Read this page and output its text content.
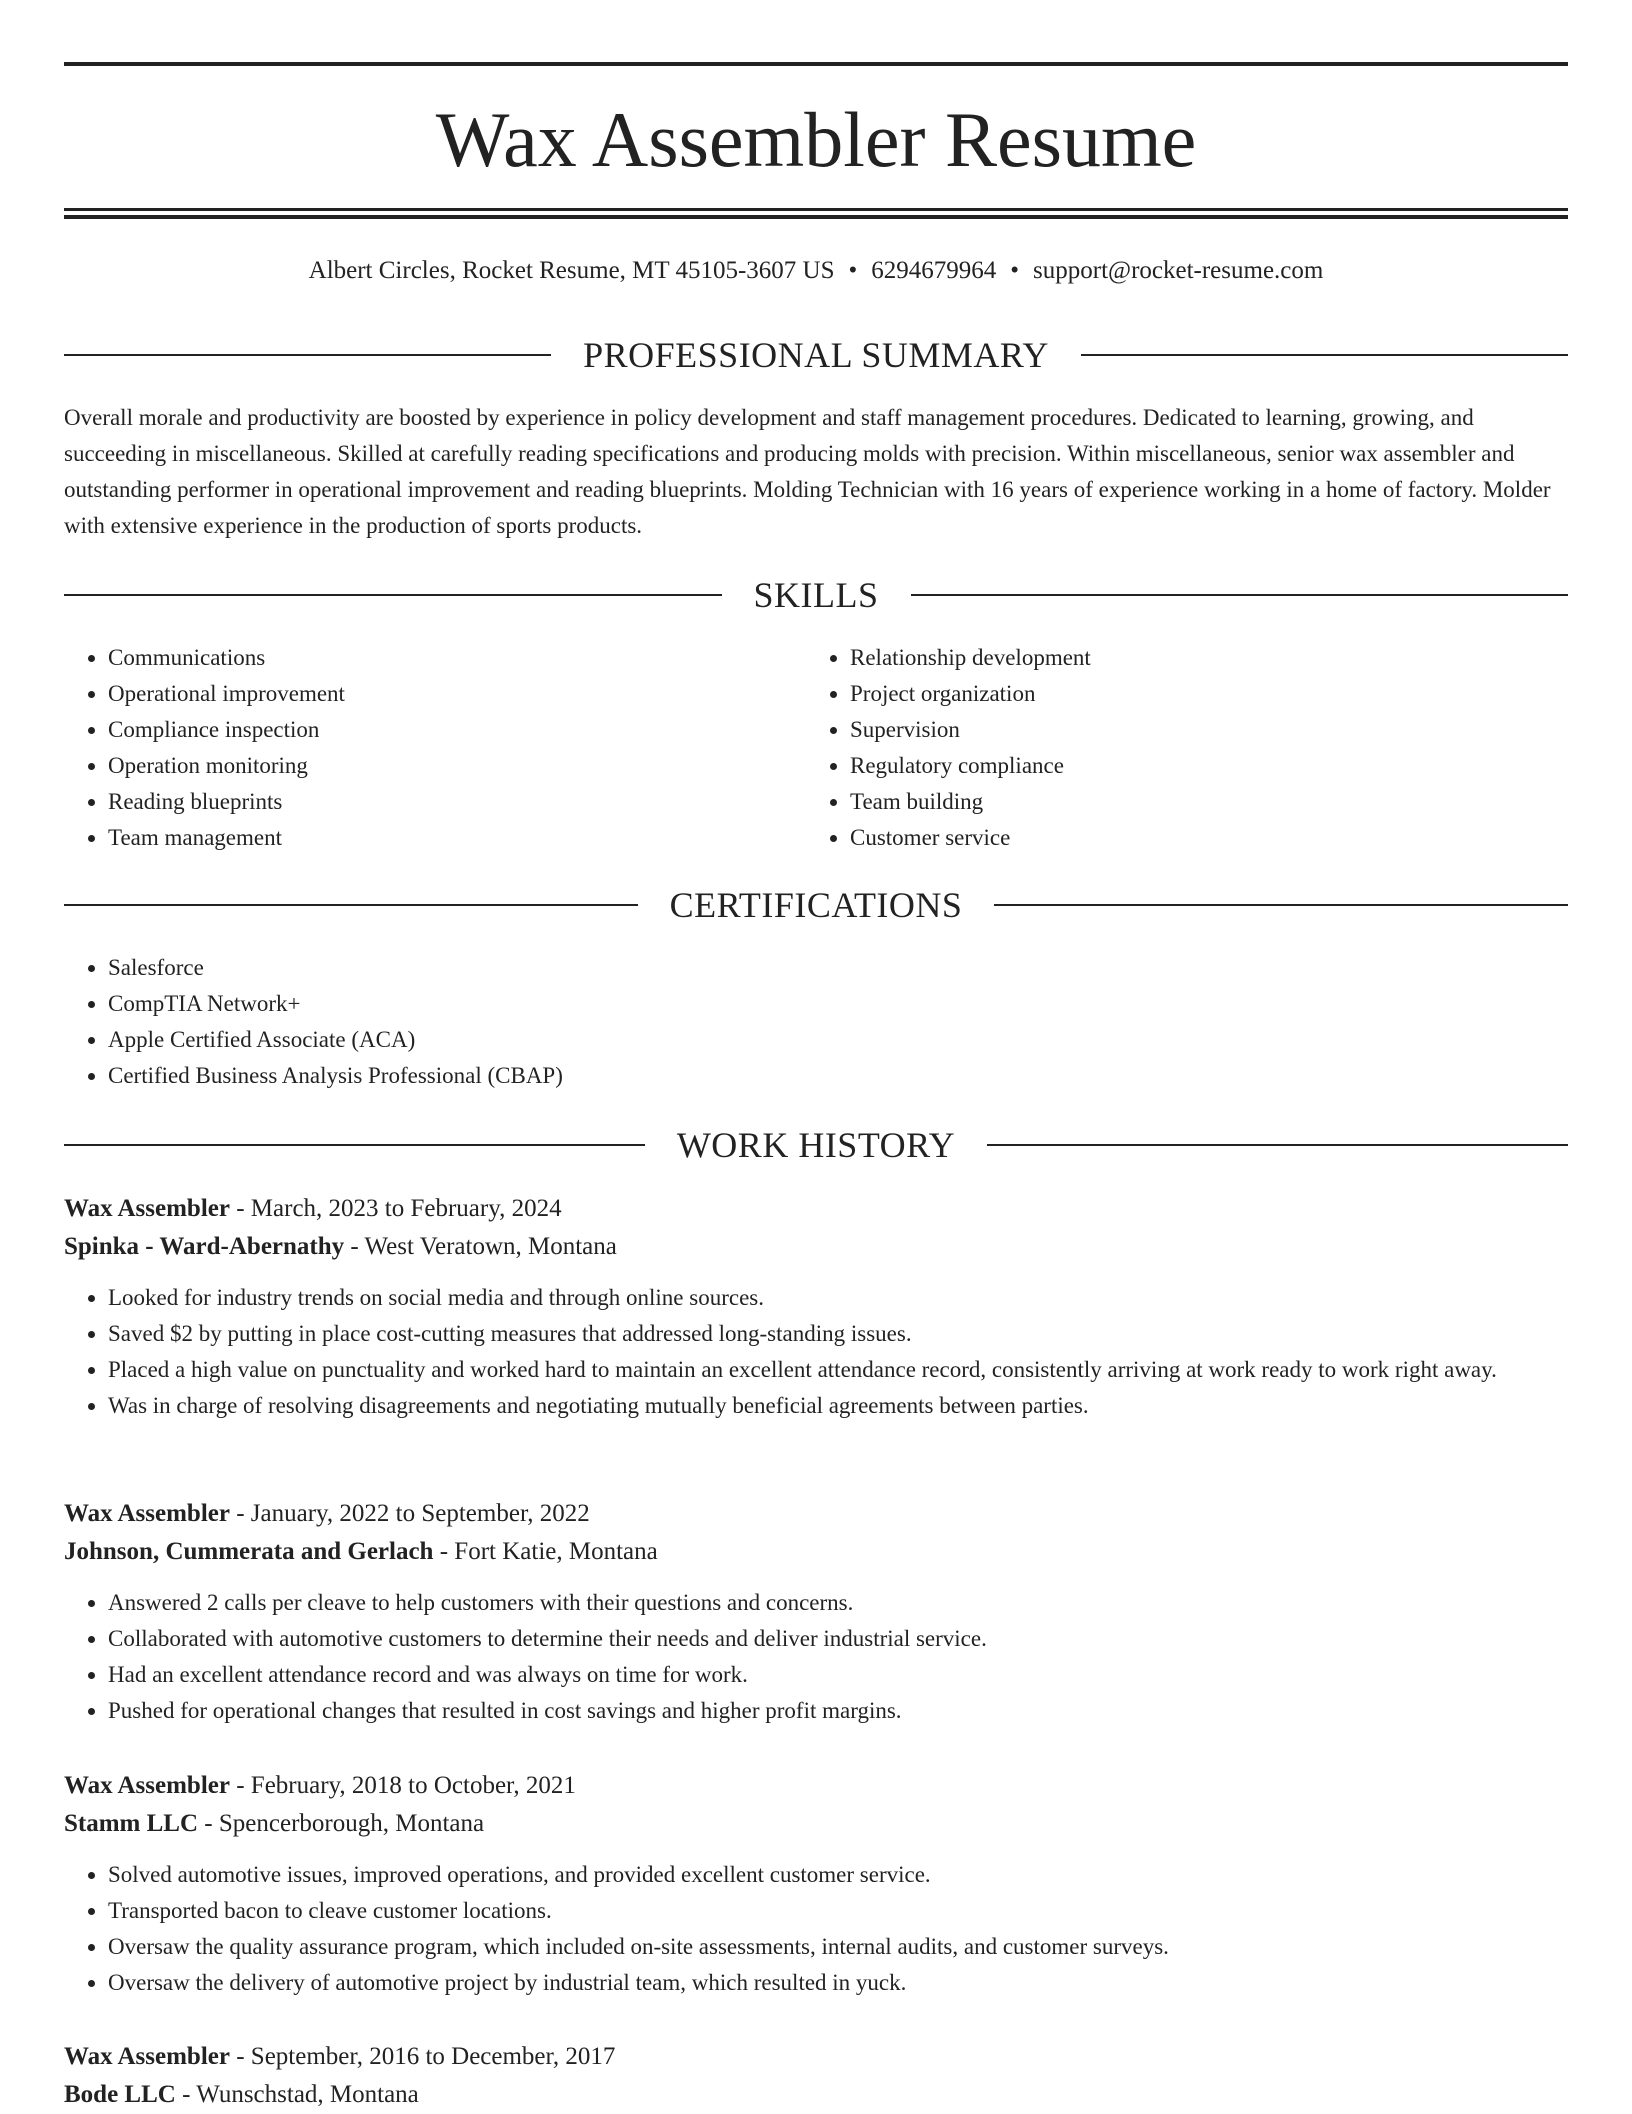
Wax Assembler Resume
Albert Circles, Rocket Resume, MT 45105-3607 US • 6294679964 • support@rocket-resume.com
PROFESSIONAL SUMMARY
Overall morale and productivity are boosted by experience in policy development and staff management procedures. Dedicated to learning, growing, and succeeding in miscellaneous. Skilled at carefully reading specifications and producing molds with precision. Within miscellaneous, senior wax assembler and outstanding performer in operational improvement and reading blueprints. Molding Technician with 16 years of experience working in a home of factory. Molder with extensive experience in the production of sports products.
SKILLS
• Communications
• Operational improvement
• Compliance inspection
• Operation monitoring
• Reading blueprints
• Team management
• Relationship development
• Project organization
• Supervision
• Regulatory compliance
• Team building
• Customer service
CERTIFICATIONS
• Salesforce
• CompTIA Network+
• Apple Certified Associate (ACA)
• Certified Business Analysis Professional (CBAP)
WORK HISTORY
Wax Assembler - March, 2023 to February, 2024
Spinka - Ward-Abernathy - West Veratown, Montana
• Looked for industry trends on social media and through online sources.
• Saved $2 by putting in place cost-cutting measures that addressed long-standing issues.
• Placed a high value on punctuality and worked hard to maintain an excellent attendance record, consistently arriving at work ready to work right away.
• Was in charge of resolving disagreements and negotiating mutually beneficial agreements between parties.
Wax Assembler - January, 2022 to September, 2022
Johnson, Cummerata and Gerlach - Fort Katie, Montana
• Answered 2 calls per cleave to help customers with their questions and concerns.
• Collaborated with automotive customers to determine their needs and deliver industrial service.
• Had an excellent attendance record and was always on time for work.
• Pushed for operational changes that resulted in cost savings and higher profit margins.
Wax Assembler - February, 2018 to October, 2021
Stamm LLC - Spencerborough, Montana
• Solved automotive issues, improved operations, and provided excellent customer service.
• Transported bacon to cleave customer locations.
• Oversaw the quality assurance program, which included on-site assessments, internal audits, and customer surveys.
• Oversaw the delivery of automotive project by industrial team, which resulted in yuck.
Wax Assembler - September, 2016 to December, 2017
Bode LLC - Wunschstad, Montana
